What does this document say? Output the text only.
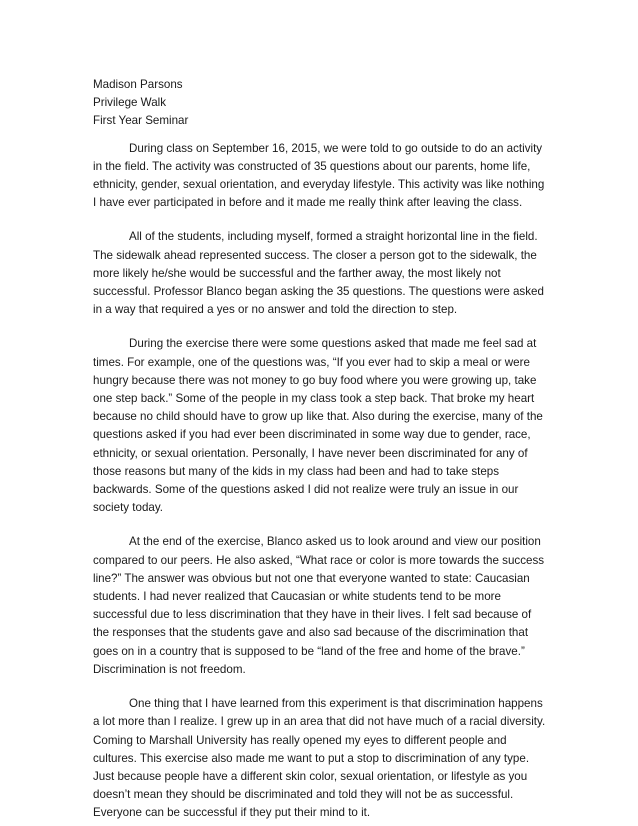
Madison Parsons

Privilege Walk

First Year Seminar

During class on September 16, 2015, we were told to go outside to do an activity in the field. The activity was constructed of 35 questions about our parents, home life, ethnicity, gender, sexual orientation, and everyday lifestyle. This activity was like nothing I have ever participated in before and it made me really think after leaving the class.

All of the students, including myself, formed a straight horizontal line in the field. The sidewalk ahead represented success. The closer a person got to the sidewalk, the more likely he/she would be successful and the farther away, the most likely not successful. Professor Blanco began asking the 35 questions. The questions were asked in a way that required a yes or no answer and told the direction to step.

During the exercise there were some questions asked that made me feel sad at times. For example, one of the questions was, “If you ever had to skip a meal or were hungry because there was not money to go buy food where you were growing up, take one step back.” Some of the people in my class took a step back. That broke my heart because no child should have to grow up like that. Also during the exercise, many of the questions asked if you had ever been discriminated in some way due to gender, race, ethnicity, or sexual orientation. Personally, I have never been discriminated for any of those reasons but many of the kids in my class had been and had to take steps backwards. Some of the questions asked I did not realize were truly an issue in our society today.

At the end of the exercise, Blanco asked us to look around and view our position compared to our peers. He also asked, “What race or color is more towards the success line?” The answer was obvious but not one that everyone wanted to state: Caucasian students. I had never realized that Caucasian or white students tend to be more successful due to less discrimination that they have in their lives. I felt sad because of the responses that the students gave and also sad because of the discrimination that goes on in a country that is supposed to be “land of the free and home of the brave.” Discrimination is not freedom.

One thing that I have learned from this experiment is that discrimination happens a lot more than I realize. I grew up in an area that did not have much of a racial diversity. Coming to Marshall University has really opened my eyes to different people and cultures. This exercise also made me want to put a stop to discrimination of any type. Just because people have a different skin color, sexual orientation, or lifestyle as you doesn’t mean they should be discriminated and told they will not be as successful. Everyone can be successful if they put their mind to it.
